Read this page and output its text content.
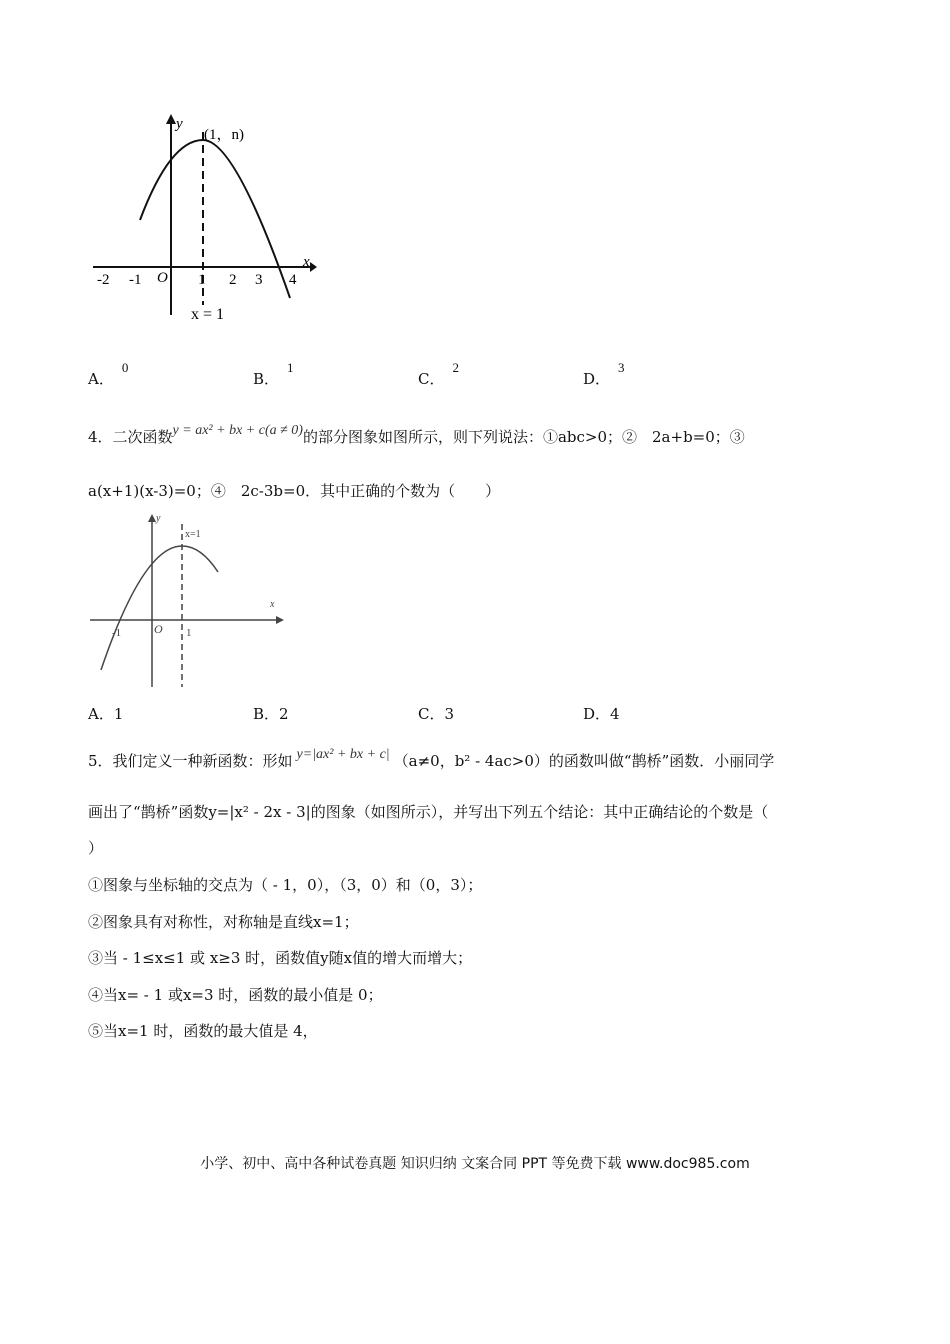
y
x
O
(1，n)
-2 -1	1 2 3 4
x = 1
A．0
B．1
C．2
D．3
4．二次函数y = ax² + bx + c(a ≠ 0)的部分图象如图所示，则下列说法：①abc>0；②　2a+b=0；③
a(x+1)(x-3)=0；④　2c-3b=0．其中正确的个数为（　　）
y
x
x=1
O
-1	1
A．1	B．2	C．3	D．4
5．我们定义一种新函数：形如 y=|ax² + bx + c| （a≠0，b² - 4ac>0）的函数叫做“鹊桥”函数．小丽同学
画出了“鹊桥”函数y=|x² - 2x - 3|的图象（如图所示），并写出下列五个结论：其中正确结论的个数是（
）
①图象与坐标轴的交点为（ - 1，0），（3，0）和（0，3）；
②图象具有对称性，对称轴是直线x=1；
③当 - 1≤x≤1 或 x≥3 时，函数值y随x值的增大而增大；
④当x= - 1 或x=3 时，函数的最小值是 0；
⑤当x=1 时，函数的最大值是 4，
小学、初中、高中各种试卷真题 知识归纳 文案合同 PPT 等免费下载 www.doc985.com
